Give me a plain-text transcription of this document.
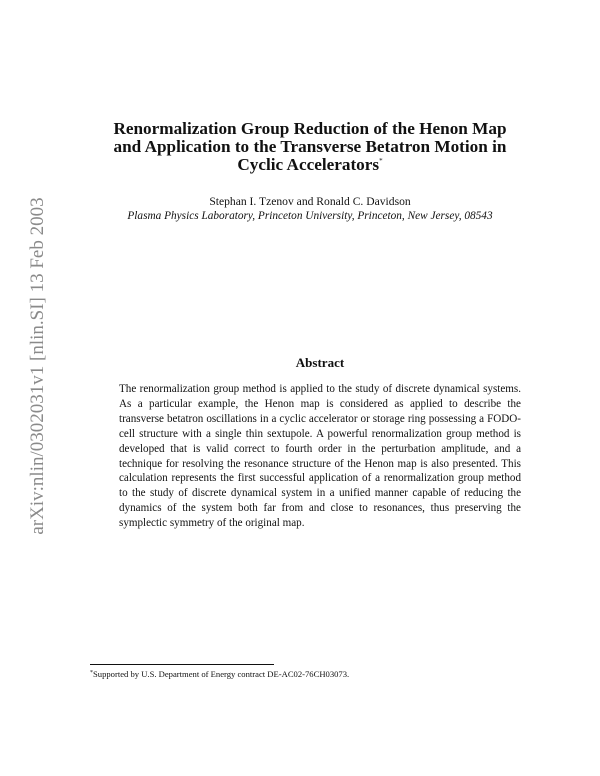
arXiv:nlin/0302031v1 [nlin.SI] 13 Feb 2003
Renormalization Group Reduction of the Henon Map
and Application to the Transverse Betatron Motion in
Cyclic Accelerators*
Stephan I. Tzenov and Ronald C. Davidson
Plasma Physics Laboratory, Princeton University, Princeton, New Jersey, 08543
Abstract

The renormalization group method is applied to the study of discrete dynamical systems. As a particular example, the Henon map is considered as applied to describe the transverse betatron oscillations in a cyclic accelerator or storage ring possessing a FODO-cell structure with a single thin sextupole. A powerful renormalization group method is developed that is valid correct to fourth order in the perturbation amplitude, and a technique for resolving the resonance structure of the Henon map is also presented. This calculation represents the first successful application of a renormalization group method to the study of discrete dynamical system in a unified manner capable of reducing the dynamics of the system both far from and close to resonances, thus preserving the symplectic symmetry of the original map.

*Supported by U.S. Department of Energy contract DE-AC02-76CH03073.
